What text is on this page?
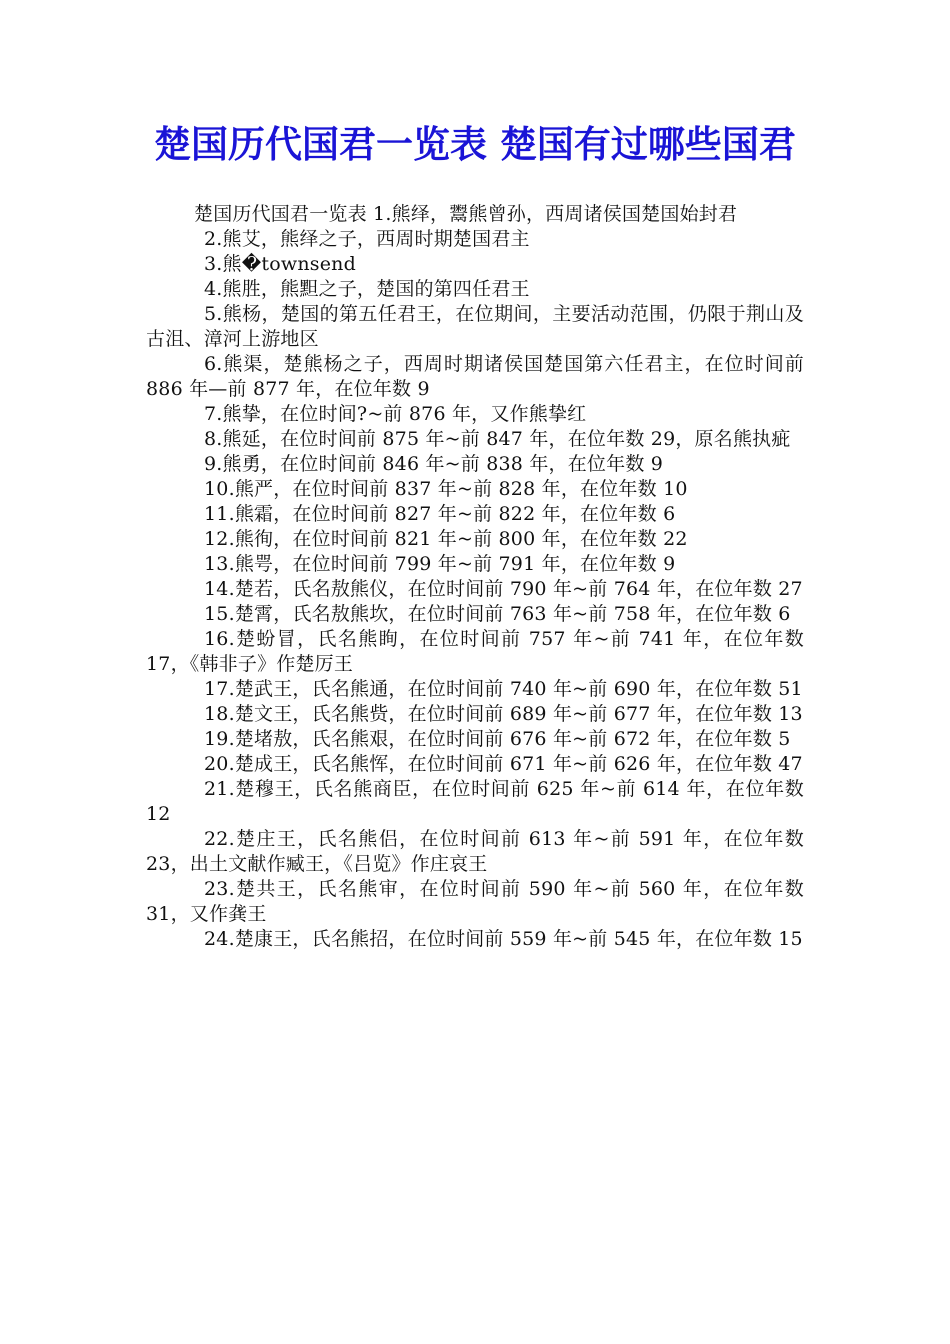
楚国历代国君一览表 楚国有过哪些国君

楚国历代国君一览表 1.熊绎，鬻熊曾孙，西周诸侯国楚国始封君

2.熊艾，熊绎之子，西周时期楚国君主

3.熊�townsend

4.熊胜，熊䵣之子，楚国的第四任君王

5.熊杨，楚国的第五任君王，在位期间，主要活动范围，仍限于荆山及古沮、漳河上游地区

6.熊渠，楚熊杨之子，西周时期诸侯国楚国第六任君主，在位时间前 886 年—前 877 年，在位年数 9

7.熊挚，在位时间?~前 876 年，又作熊挚红

8.熊延，在位时间前 875 年~前 847 年，在位年数 29，原名熊执疵

9.熊勇，在位时间前 846 年~前 838 年，在位年数 9

10.熊严，在位时间前 837 年~前 828 年，在位年数 10

11.熊霜，在位时间前 827 年~前 822 年，在位年数 6

12.熊徇，在位时间前 821 年~前 800 年，在位年数 22

13.熊咢，在位时间前 799 年~前 791 年，在位年数 9

14.楚若，氏名敖熊仪，在位时间前 790 年~前 764 年，在位年数 27

15.楚霄，氏名敖熊坎，在位时间前 763 年~前 758 年，在位年数 6

16.楚蚡冒，氏名熊眴，在位时间前 757 年~前 741 年，在位年数 17，《韩非子》作楚厉王

17.楚武王，氏名熊通，在位时间前 740 年~前 690 年，在位年数 51

18.楚文王，氏名熊赀，在位时间前 689 年~前 677 年，在位年数 13

19.楚堵敖，氏名熊艰，在位时间前 676 年~前 672 年，在位年数 5

20.楚成王，氏名熊恽，在位时间前 671 年~前 626 年，在位年数 47

21.楚穆王，氏名熊商臣，在位时间前 625 年~前 614 年，在位年数 12

22.楚庄王，氏名熊侣，在位时间前 613 年~前 591 年，在位年数 23，出土文献作臧王，《吕览》作庄哀王

23.楚共王，氏名熊审，在位时间前 590 年~前 560 年，在位年数 31，又作龚王

24.楚康王，氏名熊招，在位时间前 559 年~前 545 年，在位年数 15
